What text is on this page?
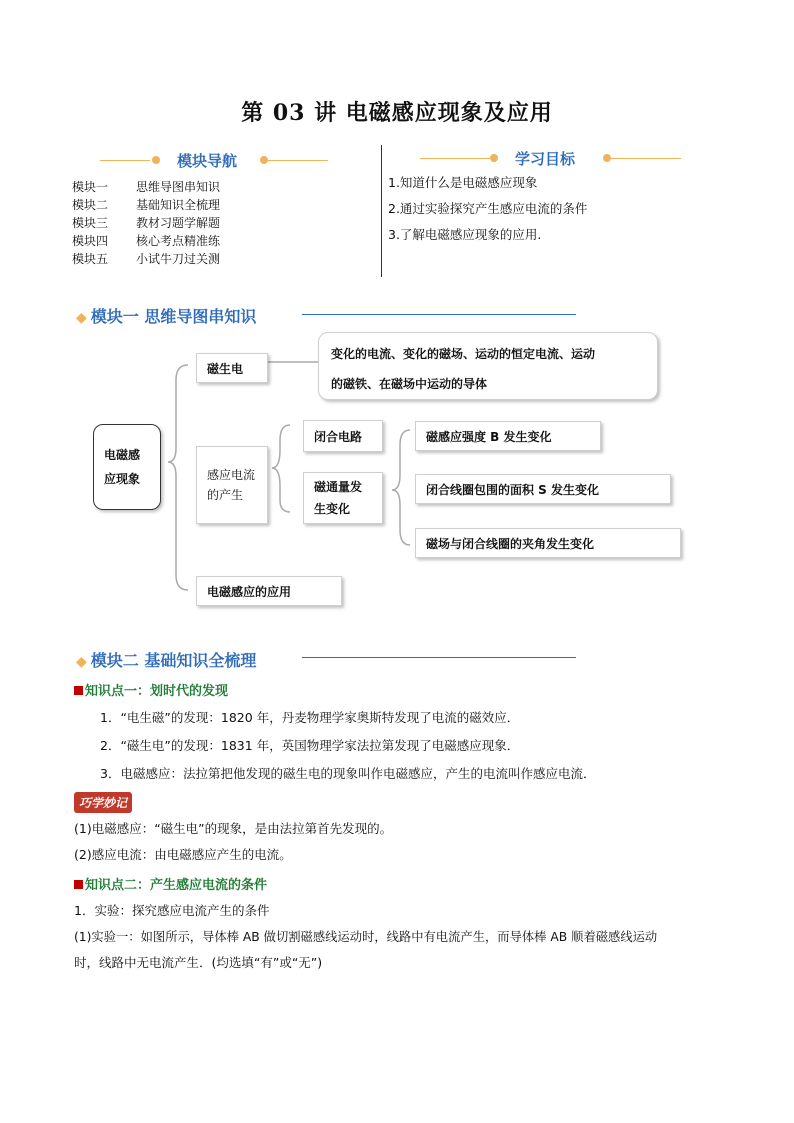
第 03 讲 电磁感应现象及应用
模块导航
模块一 思维导图串知识
模块二 基础知识全梳理
模块三 教材习题学解题
模块四 核心考点精准练
模块五 小试牛刀过关测
学习目标
1.知道什么是电磁感应现象
2.通过实验探究产生感应电流的条件
3.了解电磁感应现象的应用.
◆ 模块一 思维导图串知识
电磁感
应现象
磁生电
变化的电流、变化的磁场、运动的恒定电流、运动
的磁铁、在磁场中运动的导体
感应电流
的产生
闭合电路
磁通量发
生变化
磁感应强度 B 发生变化
闭合线圈包围的面积 S 发生变化
磁场与闭合线圈的夹角发生变化
电磁感应的应用
◆ 模块二 基础知识全梳理
知识点一：划时代的发现
1．“电生磁”的发现：1820 年，丹麦物理学家奥斯特发现了电流的磁效应．
2．“磁生电”的发现：1831 年，英国物理学家法拉第发现了电磁感应现象．
3．电磁感应：法拉第把他发现的磁生电的现象叫作电磁感应，产生的电流叫作感应电流．
巧学妙记
(1)电磁感应：“磁生电”的现象，是由法拉第首先发现的。
(2)感应电流：由电磁感应产生的电流。
知识点二：产生感应电流的条件
1．实验：探究感应电流产生的条件
(1)实验一：如图所示，导体棒 AB 做切割磁感线运动时，线路中有电流产生，而导体棒 AB 顺着磁感线运动
时，线路中无电流产生．(均选填“有”或“无”)
